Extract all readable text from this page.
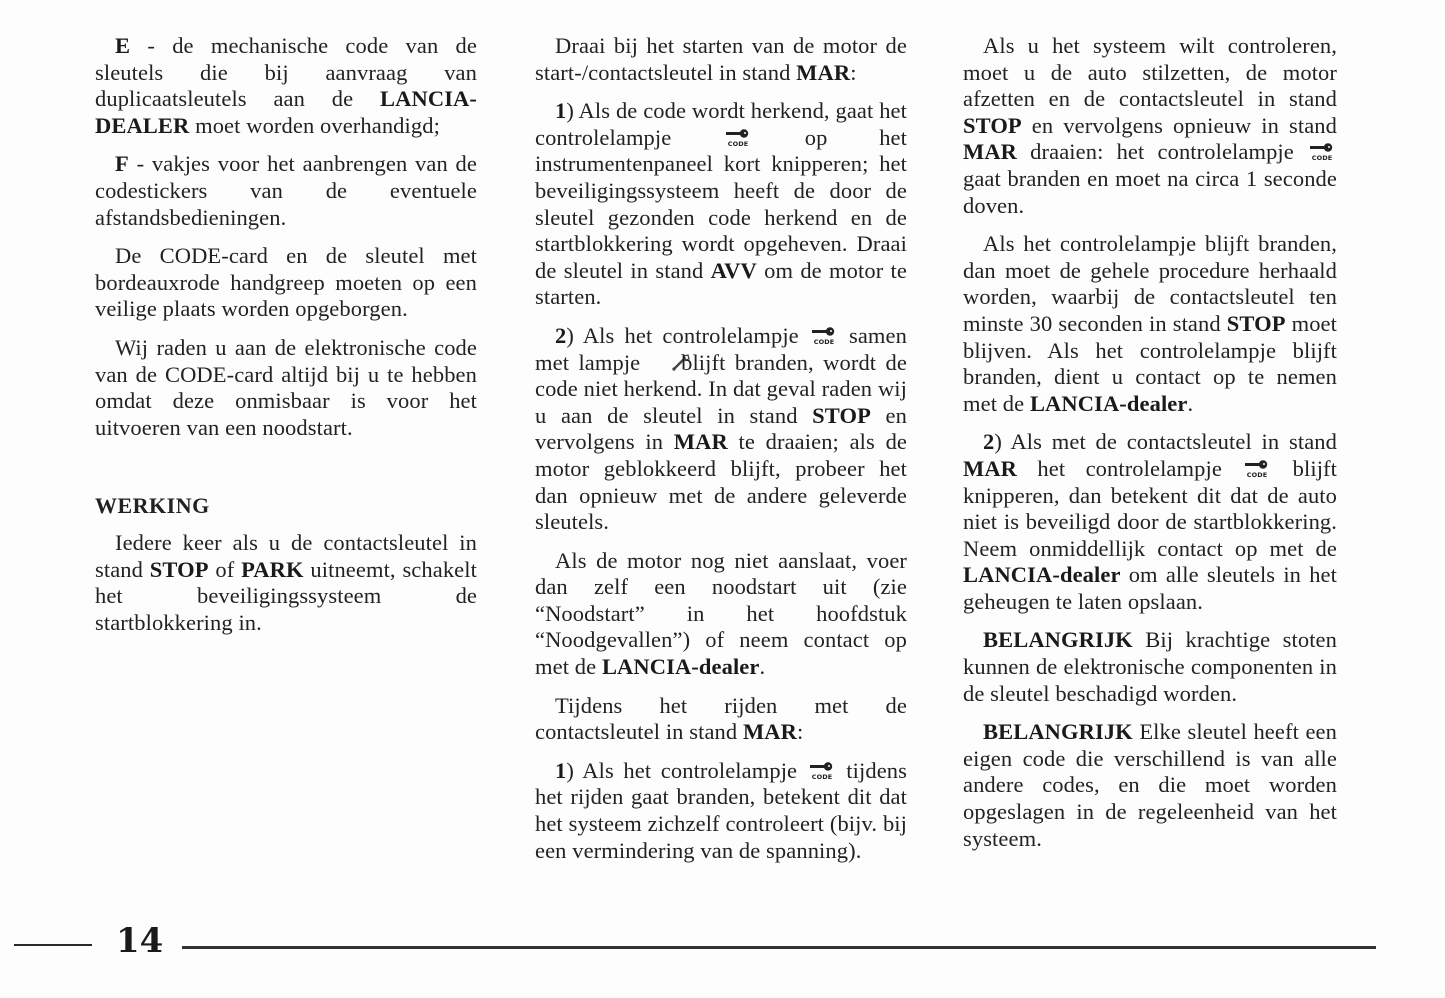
E - de mechanische code van de sleutels die bij aanvraag van duplicaatsleutels aan de LANCIA-DEALER moet worden overhandigd;

F - vakjes voor het aanbrengen van de codestickers van de eventuele afstandsbedieningen.

De CODE-card en de sleutel met bordeauxrode handgreep moeten op een veilige plaats worden opgeborgen.

Wij raden u aan de elektronische code van de CODE-card altijd bij u te hebben omdat deze onmisbaar is voor het uitvoeren van een noodstart.

WERKING

Iedere keer als u de contactsleutel in stand STOP of PARK uitneemt, schakelt het beveiligingssysteem de startblokkering in.

Draai bij het starten van de motor de start-/contactsleutel in stand MAR:

1) Als de code wordt herkend, gaat het controlelampje CODE op het instrumentenpaneel kort knipperen; het beveiligingssysteem heeft de door de sleutel gezonden code herkend en de startblokkering wordt opgeheven. Draai de sleutel in stand AVV om de motor te starten.

2) Als het controlelampje CODE samen met lampje  blijft branden, wordt de code niet herkend. In dat geval raden wij u aan de sleutel in stand STOP en vervolgens in MAR te draaien; als de motor geblokkeerd blijft, probeer het dan opnieuw met de andere geleverde sleutels.

Als de motor nog niet aanslaat, voer dan zelf een noodstart uit (zie “Noodstart” in het hoofdstuk “Noodgevallen”) of neem contact op met de LANCIA-dealer.

Tijdens het rijden met de contactsleutel in stand MAR:

1) Als het controlelampje CODE tijdens het rijden gaat branden, betekent dit dat het systeem zichzelf controleert (bijv. bij een vermindering van de spanning).

Als u het systeem wilt controleren, moet u de auto stilzetten, de motor afzetten en de contactsleutel in stand STOP en vervolgens opnieuw in stand MAR draaien: het controlelampje CODE
gaat branden en moet na circa 1 seconde doven.

Als het controlelampje blijft branden, dan moet de gehele procedure herhaald worden, waarbij de contactsleutel ten minste 30 seconden in stand STOP moet blijven. Als het controlelampje blijft branden, dient u contact op te nemen met de LANCIA-dealer.

2) Als met de contactsleutel in stand MAR het controlelampje CODE blijft knipperen, dan betekent dit dat de auto niet is beveiligd door de startblokkering. Neem onmiddellijk contact op met de LANCIA-dealer om alle sleutels in het geheugen te laten opslaan.

BELANGRIJK Bij krachtige stoten kunnen de elektronische componenten in de sleutel beschadigd worden.

BELANGRIJK Elke sleutel heeft een eigen code die verschillend is van alle andere codes, en die moet worden opgeslagen in de regeleenheid van het systeem.

14
